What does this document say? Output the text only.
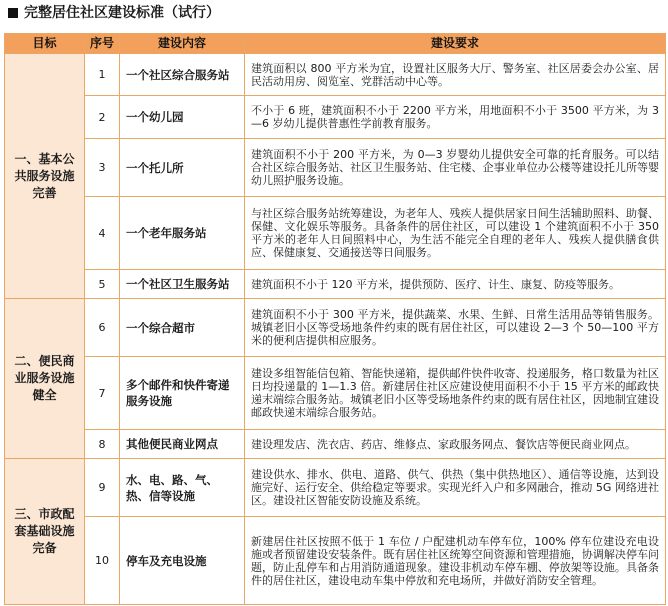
完整居住社区建设标准（试行）
目标	序号	建设内容	建设要求
一、基本公共服务设施完善	1	一个社区综合服务站	建筑面积以 800 平方米为宜，设置社区服务大厅、警务室、社区居委会办公室、居民活动用房、阅览室、党群活动中心等。
	2	一个幼儿园	不小于 6 班，建筑面积不小于 2200 平方米，用地面积不小于 3500 平方米，为 3—6 岁幼儿提供普惠性学前教育服务。
	3	一个托儿所	建筑面积不小于 200 平方米，为 0—3 岁婴幼儿提供安全可靠的托育服务。可以结合社区综合服务站、社区卫生服务站、住宅楼、企事业单位办公楼等建设托儿所等婴幼儿照护服务设施。
	4	一个老年服务站	与社区综合服务站统筹建设，为老年人、残疾人提供居家日间生活辅助照料、助餐、保健、文化娱乐等服务。具备条件的居住社区，可以建设 1 个建筑面积不小于 350 平方米的老年人日间照料中心，为生活不能完全自理的老年人、残疾人提供膳食供应、保健康复、交通接送等日间服务。
	5	一个社区卫生服务站	建筑面积不小于 120 平方米，提供预防、医疗、计生、康复、防疫等服务。
二、便民商业服务设施健全	6	一个综合超市	建筑面积不小于 300 平方米，提供蔬菜、水果、生鲜、日常生活用品等销售服务。城镇老旧小区等受场地条件约束的既有居住社区，可以建设 2—3 个 50—100 平方米的便利店提供相应服务。
	7	多个邮件和快件寄递服务设施	建设多组智能信包箱、智能快递箱，提供邮件快件收寄、投递服务，格口数量为社区日均投递量的 1—1.3 倍。新建居住社区应建设使用面积不小于 15 平方米的邮政快递末端综合服务站。城镇老旧小区等受场地条件约束的既有居住社区，因地制宜建设邮政快递末端综合服务站。
	8	其他便民商业网点	建设理发店、洗衣店、药店、维修点、家政服务网点、餐饮店等便民商业网点。
三、市政配套基础设施完备	9	水、电、路、气、热、信等设施	建设供水、排水、供电、道路、供气、供热（集中供热地区）、通信等设施，达到设施完好、运行安全、供给稳定等要求。实现光纤入户和多网融合，推动 5G 网络进社区。建设社区智能安防设施及系统。
	10	停车及充电设施	新建居住社区按照不低于 1 车位 / 户配建机动车停车位，100% 停车位建设充电设施或者预留建设安装条件。既有居住社区统筹空间资源和管理措施，协调解决停车问题，防止乱停车和占用消防通道现象。建设非机动车停车棚、停放架等设施。具备条件的居住社区，建设电动车集中停放和充电场所，并做好消防安全管理。
